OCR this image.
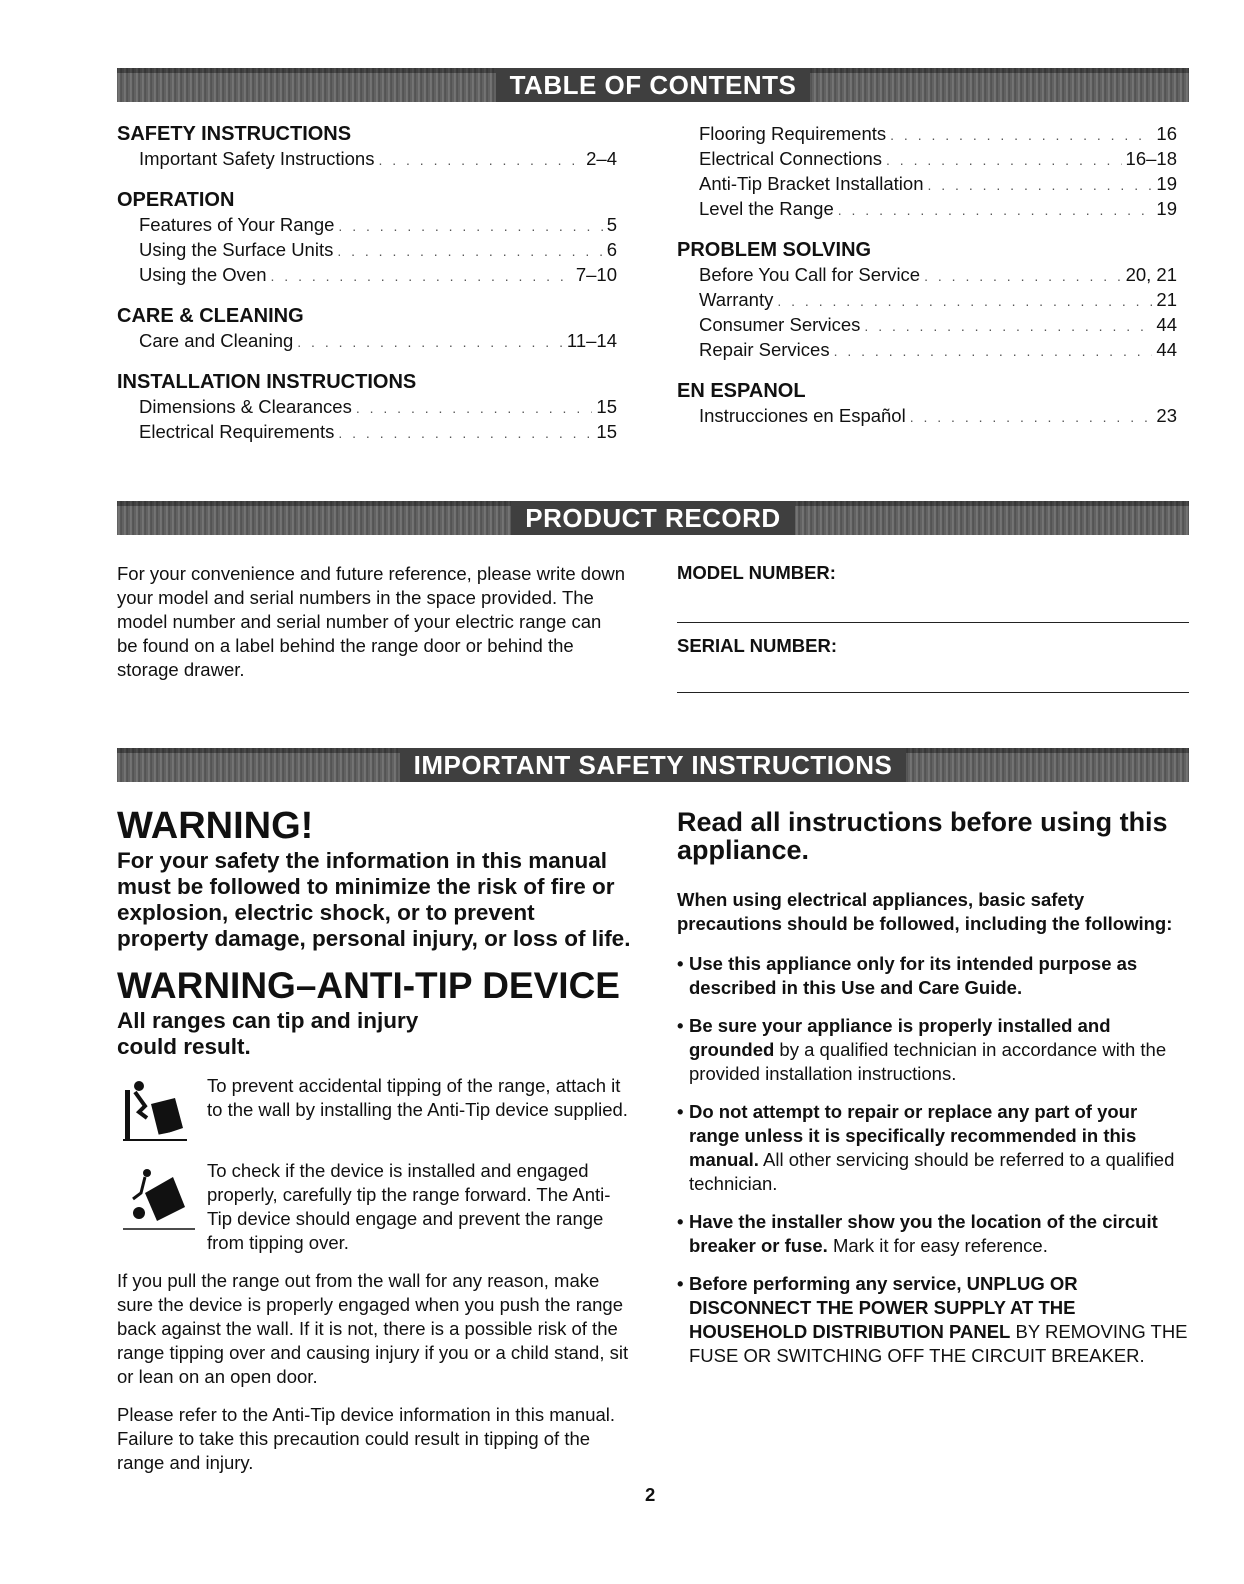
TABLE OF CONTENTS
SAFETY INSTRUCTIONS
Important Safety Instructions . . .	2–4
OPERATION
Features of Your Range . . .	5
Using the Surface Units . . .	6
Using the Oven . . .	7–10
CARE & CLEANING
Care and Cleaning . . .	11–14
INSTALLATION INSTRUCTIONS
Dimensions & Clearances . . .	15
Electrical Requirements . . .	15
Flooring Requirements . . .	16
Electrical Connections . . .	16–18
Anti-Tip Bracket Installation . . .	19
Level the Range . . .	19
PROBLEM SOLVING
Before You Call for Service . . .	20, 21
Warranty . . .	21
Consumer Services . . .	44
Repair Services . . .	44
EN ESPANOL
Instrucciones en Español . . .	23
PRODUCT RECORD

For your convenience and future reference, please write down your model and serial numbers in the space provided. The model number and serial number of your electric range can be found on a label behind the range door or behind the storage drawer.

MODEL NUMBER:
SERIAL NUMBER:
IMPORTANT SAFETY INSTRUCTIONS
WARNING!
For your safety the information in this manual must be followed to minimize the risk of fire or explosion, electric shock, or to prevent property damage, personal injury, or loss of life.
WARNING–ANTI-TIP DEVICE
All ranges can tip and injury could result.

To prevent accidental tipping of the range, attach it to the wall by installing the Anti-Tip device supplied.

To check if the device is installed and engaged properly, carefully tip the range forward. The Anti-Tip device should engage and prevent the range from tipping over.

If you pull the range out from the wall for any reason, make sure the device is properly engaged when you push the range back against the wall. If it is not, there is a possible risk of the range tipping over and causing injury if you or a child stand, sit or lean on an open door.

Please refer to the Anti-Tip device information in this manual. Failure to take this precaution could result in tipping of the range and injury.

Read all instructions before using this appliance.

When using electrical appliances, basic safety precautions should be followed, including the following:

• Use this appliance only for its intended purpose as described in this Use and Care Guide.
• Be sure your appliance is properly installed and grounded by a qualified technician in accordance with the provided installation instructions.
• Do not attempt to repair or replace any part of your range unless it is specifically recommended in this manual. All other servicing should be referred to a qualified technician.
• Have the installer show you the location of the circuit breaker or fuse. Mark it for easy reference.
• Before performing any service, UNPLUG OR DISCONNECT THE POWER SUPPLY AT THE HOUSEHOLD DISTRIBUTION PANEL BY REMOVING THE FUSE OR SWITCHING OFF THE CIRCUIT BREAKER.
2
